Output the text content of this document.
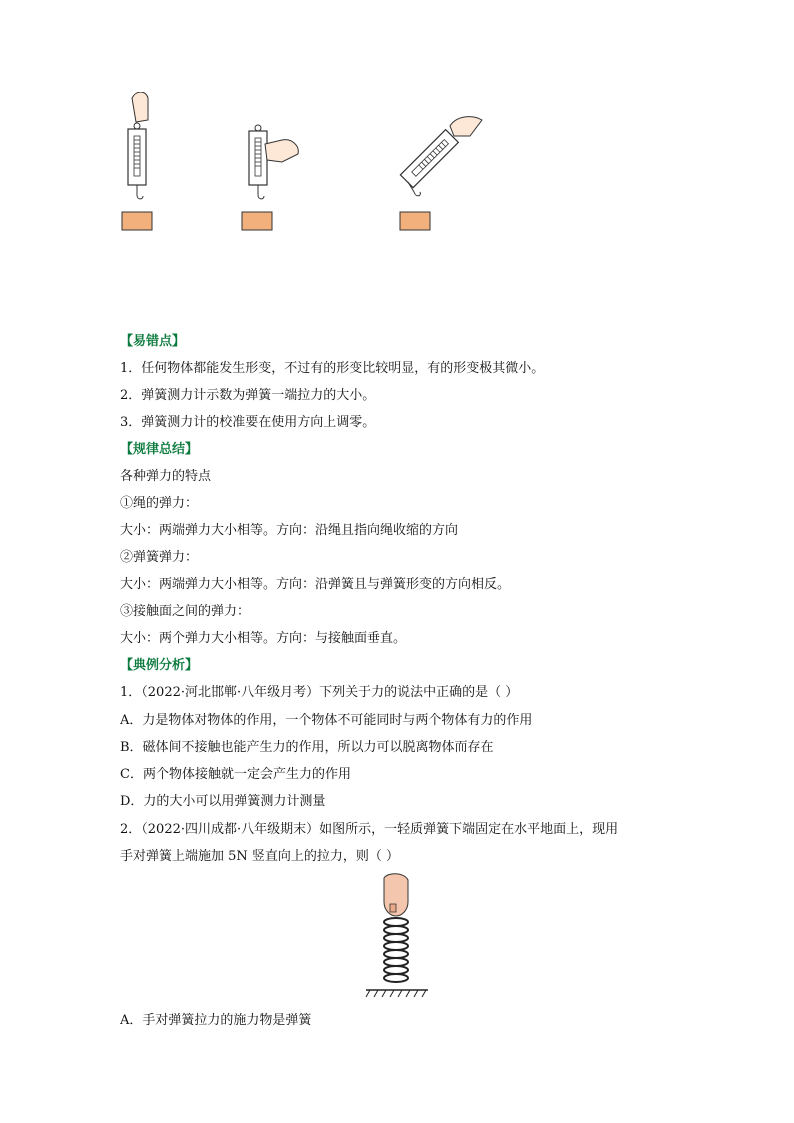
【易错点】
1．任何物体都能发生形变，不过有的形变比较明显，有的形变极其微小。
2．弹簧测力计示数为弹簧一端拉力的大小。
3．弹簧测力计的校准要在使用方向上调零。
【规律总结】
各种弹力的特点
①绳的弹力：
大小：两端弹力大小相等。方向：沿绳且指向绳收缩的方向
②弹簧弹力：
大小：两端弹力大小相等。方向：沿弹簧且与弹簧形变的方向相反。
③接触面之间的弹力：
大小：两个弹力大小相等。方向：与接触面垂直。
【典例分析】
1．（2022·河北邯郸·八年级月考）下列关于力的说法中正确的是（ ）
A．力是物体对物体的作用，一个物体不可能同时与两个物体有力的作用
B．磁体间不接触也能产生力的作用，所以力可以脱离物体而存在
C．两个物体接触就一定会产生力的作用
D．力的大小可以用弹簧测力计测量
2．（2022·四川成都·八年级期末）如图所示，一轻质弹簧下端固定在水平地面上，现用
手对弹簧上端施加 5N 竖直向上的拉力，则（ ）
A．手对弹簧拉力的施力物是弹簧
